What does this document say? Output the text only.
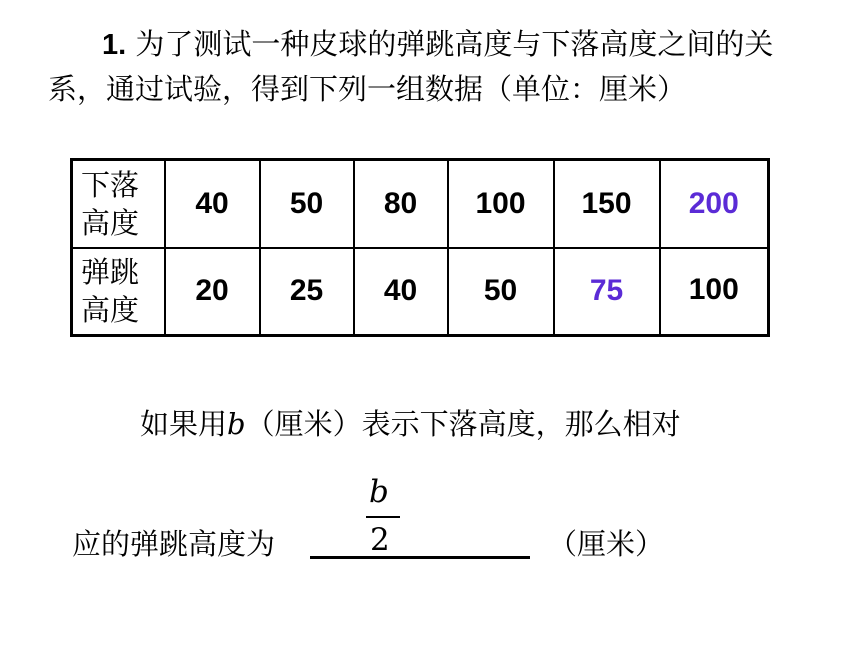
1. 为了测试一种皮球的弹跳高度与下落高度之间的关系，通过试验，得到下列一组数据（单位：厘米）

下落
高度	40	50	80	100	150	200

弹跳
高度	20	25	40	50	75	100

如果用b（厘米）表示下落高度，那么相对

应的弹跳高度为
b
2	（厘米）
